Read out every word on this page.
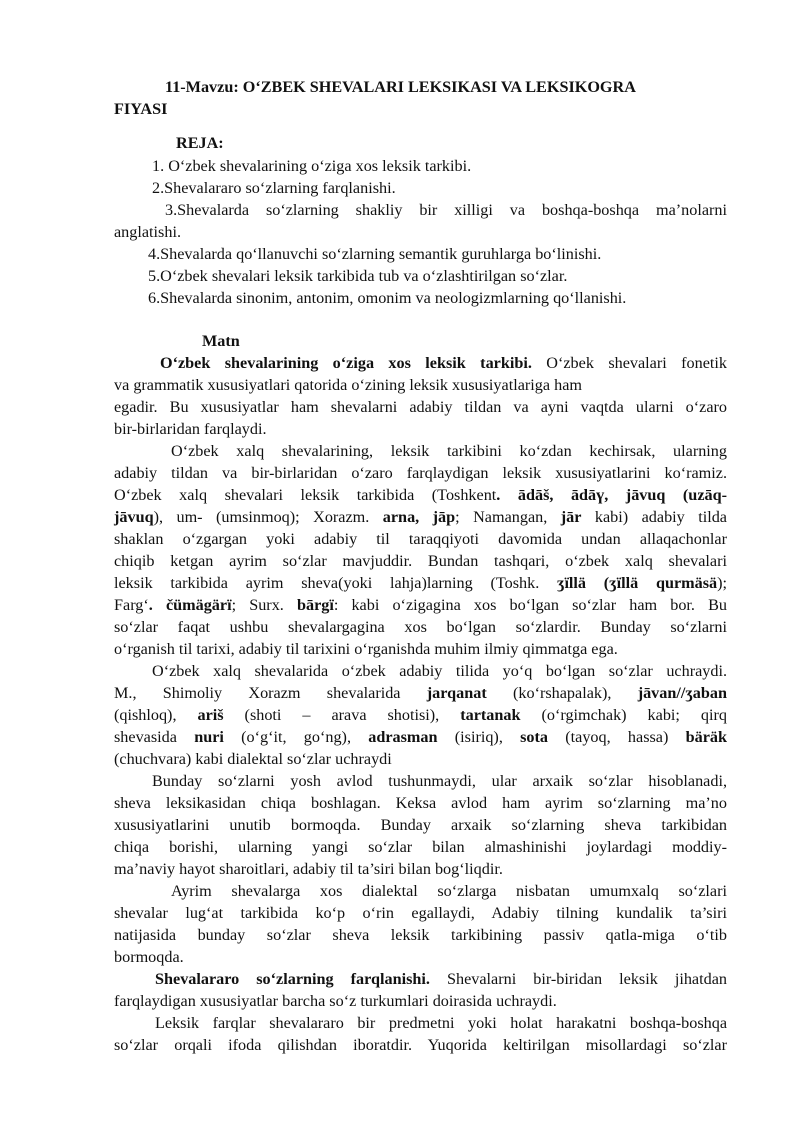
11-Mavzu: O‘ZBEK SHEVALARI LEKSIKASI VA LEKSIKOGRA
FIYASI
REJA:
1. O‘zbek shevalarining o‘ziga xos leksik tarkibi.
2.Shevalararo so‘zlarning farqlanishi.
3.Shevalarda so‘zlarning shakliy bir xilligi va boshqa-boshqa ma’nolarni
anglatishi.
4.Shevalarda qo‘llanuvchi so‘zlarning semantik guruhlarga bo‘linishi.
5.O‘zbek shevalari leksik tarkibida tub va o‘zlashtirilgan so‘zlar.
6.Shevalarda sinonim, antonim, omonim va neologizmlarning qo‘llanishi.
Matn
O‘zbek shevalarining o‘ziga xos leksik tarkibi. O‘zbek shevalari fonetik
va grammatik xususiyatlari qatorida o‘zining leksik xususiyatlariga ham
egadir. Bu xususiyatlar ham shevalarni adabiy tildan va ayni vaqtda ularni o‘zaro
bir-birlaridan farqlaydi.
O‘zbek xalq shevalarining, leksik tarkibini ko‘zdan kechirsak, ularning
adabiy tildan va bir-birlaridan o‘zaro farqlaydigan leksik xususiyatlarini ko‘ramiz.
O‘zbek xalq shevalari leksik tarkibida (Toshkent. ādāš, ādāү, jāvuq (uzāq-
jāvuq), um- (umsinmoq); Xorazm. arna, jāp; Namangan, jār kabi) adabiy tilda
shaklan o‘zgargan yoki adabiy til taraqqiyoti davomida undan allaqachonlar
chiqib ketgan ayrim so‘zlar mavjuddir. Bundan tashqari, o‘zbek xalq shevalari
leksik tarkibida ayrim sheva(yoki lahja)larning (Toshk. ʒïllä (ʒïllä qurmäsä);
Farg‘. čümägärï; Surx. bārgï: kabi o‘zigagina xos bo‘lgan so‘zlar ham bor. Bu
so‘zlar faqat ushbu shevalargagina xos bo‘lgan so‘zlardir. Bunday so‘zlarni
o‘rganish til tarixi, adabiy til tarixini o‘rganishda muhim ilmiy qimmatga ega.
O‘zbek xalq shevalarida o‘zbek adabiy tilida yo‘q bo‘lgan so‘zlar uchraydi.
M., Shimoliy Xorazm shevalarida jarqanat (ko‘rshapalak), jāvan//ʒaban
(qishloq), ariš (shoti – arava shotisi), tartanak (o‘rgimchak) kabi; qirq
shevasida nuri (o‘g‘it, go‘ng), adrasman (isiriq), sota (tayoq, hassa) bäräk
(chuchvara) kabi dialektal so‘zlar uchraydi
Bunday so‘zlarni yosh avlod tushunmaydi, ular arxaik so‘zlar hisoblanadi,
sheva leksikasidan chiqa boshlagan. Keksa avlod ham ayrim so‘zlarning ma’no
xususiyatlarini unutib bormoqda. Bunday arxaik so‘zlarning sheva tarkibidan
chiqa borishi, ularning yangi so‘zlar bilan almashinishi joylardagi moddiy-
ma’naviy hayot sharoitlari, adabiy til ta’siri bilan bog‘liqdir.
Ayrim shevalarga xos dialektal so‘zlarga nisbatan umumxalq so‘zlari
shevalar lug‘at tarkibida ko‘p o‘rin egallaydi, Adabiy tilning kundalik ta’siri
natijasida bunday so‘zlar sheva leksik tarkibining passiv qatla-miga o‘tib
bormoqda.
Shevalararo so‘zlarning farqlanishi. Shevalarni bir-biridan leksik jihatdan
farqlaydigan xususiyatlar barcha so‘z turkumlari doirasida uchraydi.
Leksik farqlar shevalararo bir predmetni yoki holat harakatni boshqa-boshqa
so‘zlar orqali ifoda qilishdan iboratdir. Yuqorida keltirilgan misollardagi so‘zlar
